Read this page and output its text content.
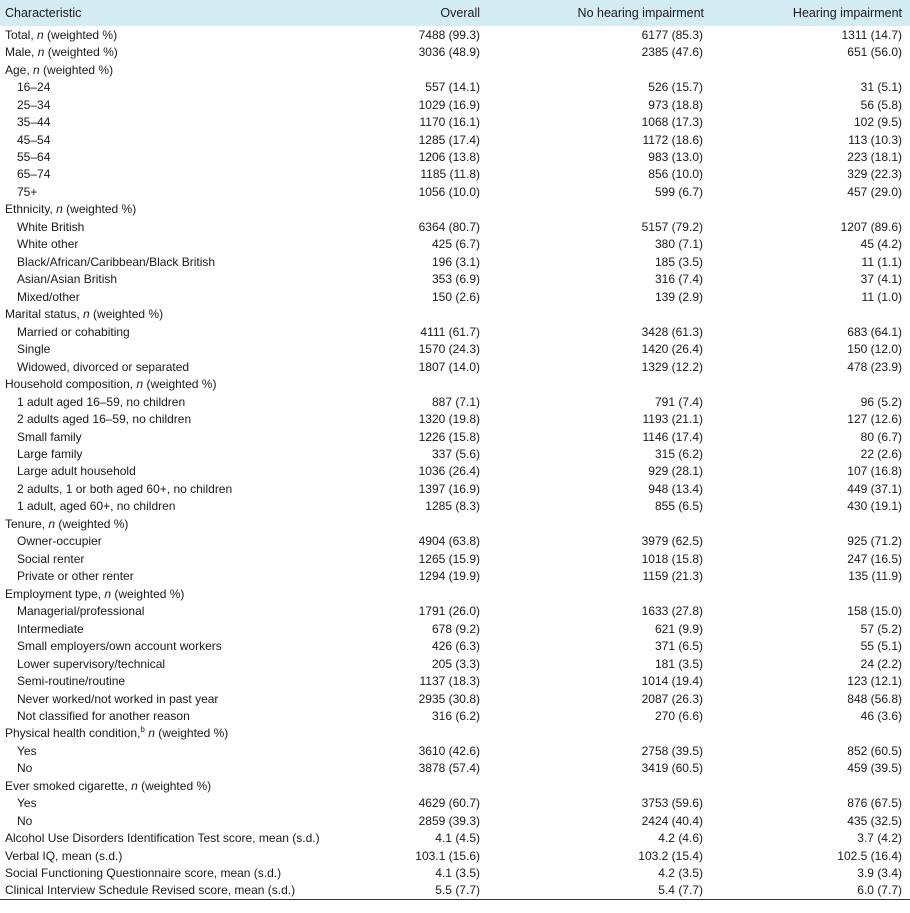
Characteristic	Overall	No hearing impairment	Hearing impairment
Total, n (weighted %)	7488 (99.3)	6177 (85.3)	1311 (14.7)
Male, n (weighted %)	3036 (48.9)	2385 (47.6)	651 (56.0)
Age, n (weighted %)			
16–24	557 (14.1)	526 (15.7)	31 (5.1)
25–34	1029 (16.9)	973 (18.8)	56 (5.8)
35–44	1170 (16.1)	1068 (17.3)	102 (9.5)
45–54	1285 (17.4)	1172 (18.6)	113 (10.3)
55–64	1206 (13.8)	983 (13.0)	223 (18.1)
65–74	1185 (11.8)	856 (10.0)	329 (22.3)
75+	1056 (10.0)	599 (6.7)	457 (29.0)
Ethnicity, n (weighted %)			
White British	6364 (80.7)	5157 (79.2)	1207 (89.6)
White other	425 (6.7)	380 (7.1)	45 (4.2)
Black/African/Caribbean/Black British	196 (3.1)	185 (3.5)	11 (1.1)
Asian/Asian British	353 (6.9)	316 (7.4)	37 (4.1)
Mixed/other	150 (2.6)	139 (2.9)	11 (1.0)
Marital status, n (weighted %)			
Married or cohabiting	4111 (61.7)	3428 (61.3)	683 (64.1)
Single	1570 (24.3)	1420 (26.4)	150 (12.0)
Widowed, divorced or separated	1807 (14.0)	1329 (12.2)	478 (23.9)
Household composition, n (weighted %)			
1 adult aged 16–59, no children	887 (7.1)	791 (7.4)	96 (5.2)
2 adults aged 16–59, no children	1320 (19.8)	1193 (21.1)	127 (12.6)
Small family	1226 (15.8)	1146 (17.4)	80 (6.7)
Large family	337 (5.6)	315 (6.2)	22 (2.6)
Large adult household	1036 (26.4)	929 (28.1)	107 (16.8)
2 adults, 1 or both aged 60+, no children	1397 (16.9)	948 (13.4)	449 (37.1)
1 adult, aged 60+, no children	1285 (8.3)	855 (6.5)	430 (19.1)
Tenure, n (weighted %)			
Owner-occupier	4904 (63.8)	3979 (62.5)	925 (71.2)
Social renter	1265 (15.9)	1018 (15.8)	247 (16.5)
Private or other renter	1294 (19.9)	1159 (21.3)	135 (11.9)
Employment type, n (weighted %)			
Managerial/professional	1791 (26.0)	1633 (27.8)	158 (15.0)
Intermediate	678 (9.2)	621 (9.9)	57 (5.2)
Small employers/own account workers	426 (6.3)	371 (6.5)	55 (5.1)
Lower supervisory/technical	205 (3.3)	181 (3.5)	24 (2.2)
Semi-routine/routine	1137 (18.3)	1014 (19.4)	123 (12.1)
Never worked/not worked in past year	2935 (30.8)	2087 (26.3)	848 (56.8)
Not classified for another reason	316 (6.2)	270 (6.6)	46 (3.6)
Physical health condition,$^b$ n (weighted %)			
Yes	3610 (42.6)	2758 (39.5)	852 (60.5)
No	3878 (57.4)	3419 (60.5)	459 (39.5)
Ever smoked cigarette, n (weighted %)			
Yes	4629 (60.7)	3753 (59.6)	876 (67.5)
No	2859 (39.3)	2424 (40.4)	435 (32.5)
Alcohol Use Disorders Identification Test score, mean (s.d.)	4.1 (4.5)	4.2 (4.6)	3.7 (4.2)
Verbal IQ, mean (s.d.)	103.1 (15.6)	103.2 (15.4)	102.5 (16.4)
Social Functioning Questionnaire score, mean (s.d.)	4.1 (3.5)	4.2 (3.5)	3.9 (3.4)
Clinical Interview Schedule Revised score, mean (s.d.)	5.5 (7.7)	5.4 (7.7)	6.0 (7.7)
